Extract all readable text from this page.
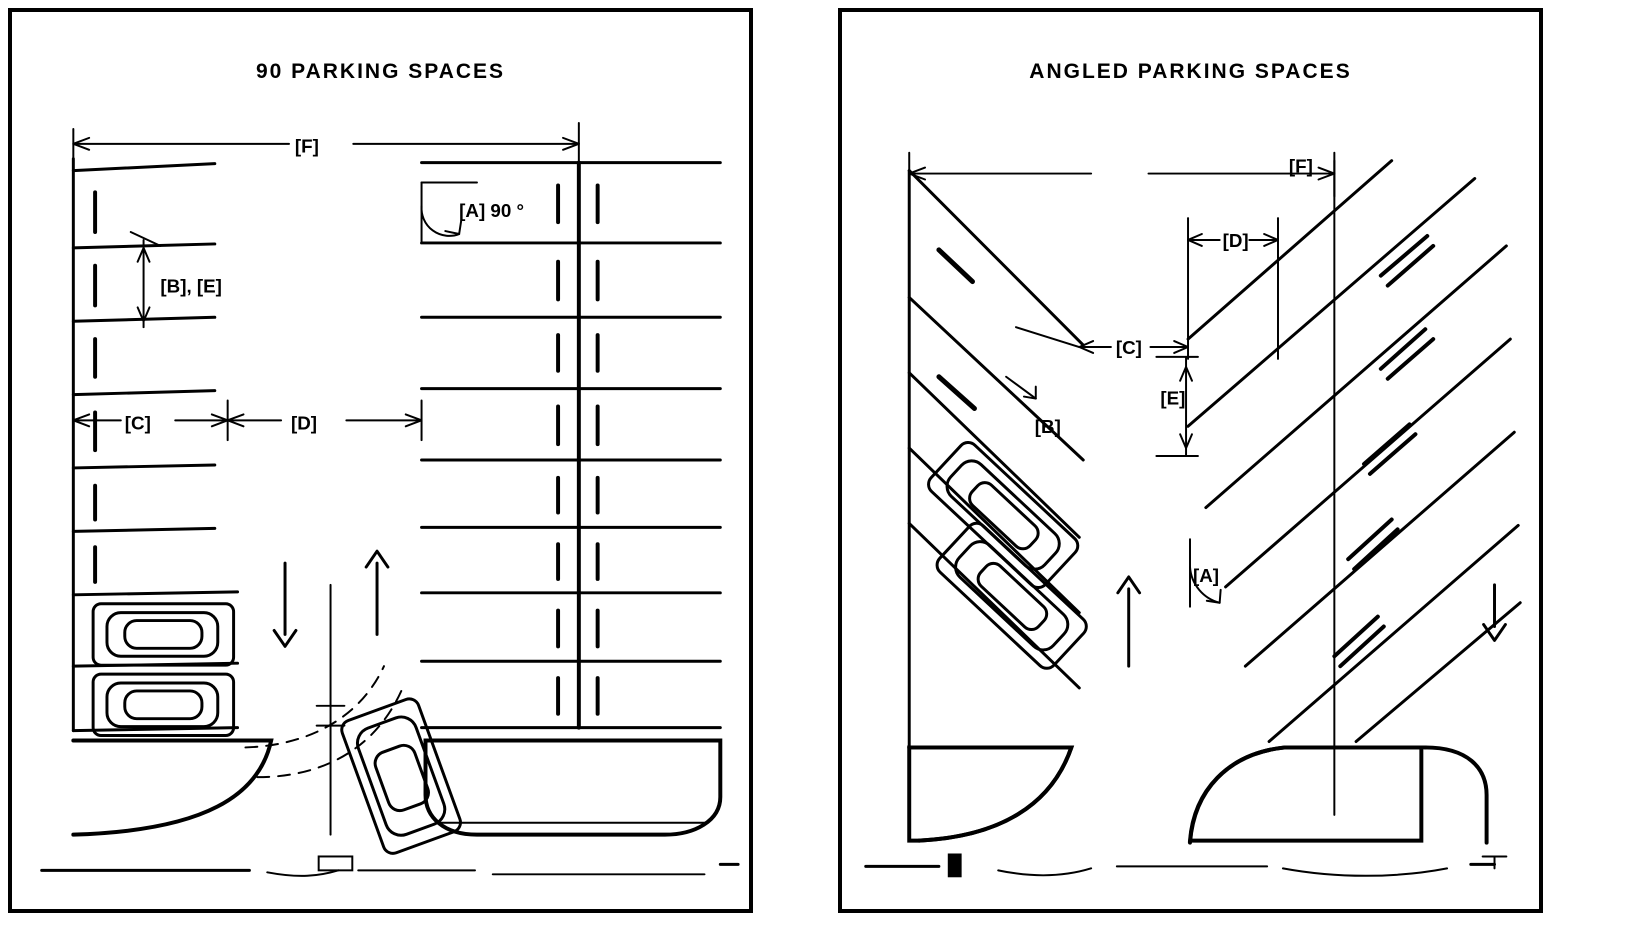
90 PARKING SPACES
[F]
[A] 90 °
[B], [E]
[C]	[D]
ANGLED PARKING SPACES
[F]
[D]
[C]
[B]
[E]
[A]
